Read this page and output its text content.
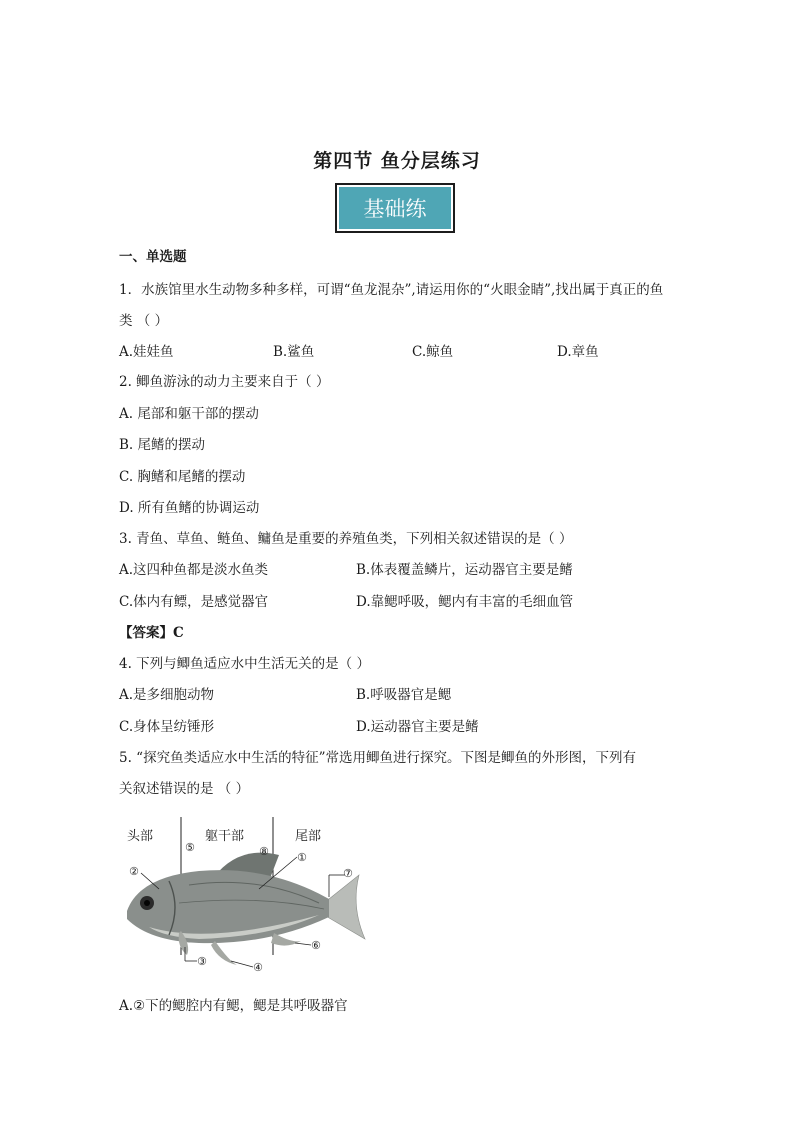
第四节 鱼分层练习
基础练
一、单选题
1．水族馆里水生动物多种多样，可谓“鱼龙混杂”,请运用你的“火眼金睛”,找出属于真正的鱼
类 （ ）
A.娃娃鱼	B.鲨鱼	C.鲸鱼	D.章鱼
2. 鲫鱼游泳的动力主要来自于（ ）
A. 尾部和躯干部的摆动
B. 尾鳍的摆动
C. 胸鳍和尾鳍的摆动
D. 所有鱼鳍的协调运动
3. 青鱼、草鱼、鲢鱼、鳙鱼是重要的养殖鱼类，下列相关叙述错误的是（ ）
A.这四种鱼都是淡水鱼类	B.体表覆盖鳞片，运动器官主要是鳍
C.体内有鳔，是感觉器官	D.靠鳃呼吸，鳃内有丰富的毛细血管
【答案】C
4. 下列与鲫鱼适应水中生活无关的是（ ）
A.是多细胞动物	B.呼吸器官是鳃
C.身体呈纺锤形	D.运动器官主要是鳍
5. “探究鱼类适应水中生活的特征”常选用鲫鱼进行探究。下图是鲫鱼的外形图，下列有
关叙述错误的是 （ ）
头部	躯干部	尾部
①
②
③	④
⑤
⑥
⑦
⑧
A.②下的鳃腔内有鳃，鳃是其呼吸器官
